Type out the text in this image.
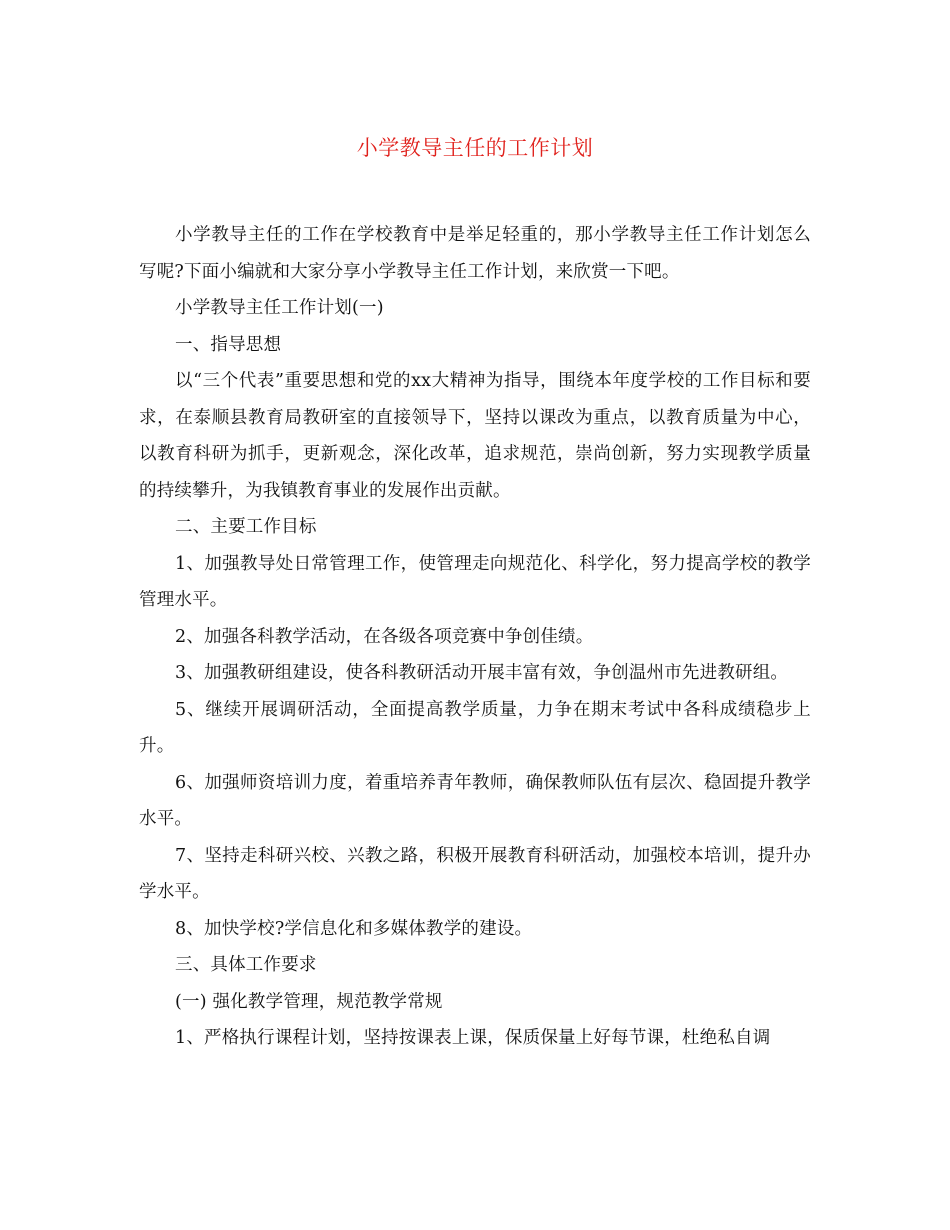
小学教导主任的工作计划

小学教导主任的工作在学校教育中是举足轻重的，那小学教导主任工作计划怎么写呢?下面小编就和大家分享小学教导主任工作计划，来欣赏一下吧。

小学教导主任工作计划(一)

一、指导思想

以“三个代表”重要思想和党的xx大精神为指导，围绕本年度学校的工作目标和要求，在泰顺县教育局教研室的直接领导下，坚持以课改为重点，以教育质量为中心，以教育科研为抓手，更新观念，深化改革，追求规范，崇尚创新，努力实现教学质量的持续攀升，为我镇教育事业的发展作出贡献。

二、主要工作目标

1、加强教导处日常管理工作，使管理走向规范化、科学化，努力提高学校的教学管理水平。

2、加强各科教学活动，在各级各项竞赛中争创佳绩。

3、加强教研组建设，使各科教研活动开展丰富有效，争创温州市先进教研组。

5、继续开展调研活动，全面提高教学质量，力争在期末考试中各科成绩稳步上升。

6、加强师资培训力度，着重培养青年教师，确保教师队伍有层次、稳固提升教学水平。

7、坚持走科研兴校、兴教之路，积极开展教育科研活动，加强校本培训，提升办学水平。

8、加快学校?学信息化和多媒体教学的建设。

三、具体工作要求

(一) 强化教学管理，规范教学常规

1、严格执行课程计划，坚持按课表上课，保质保量上好每节课，杜绝私自调
